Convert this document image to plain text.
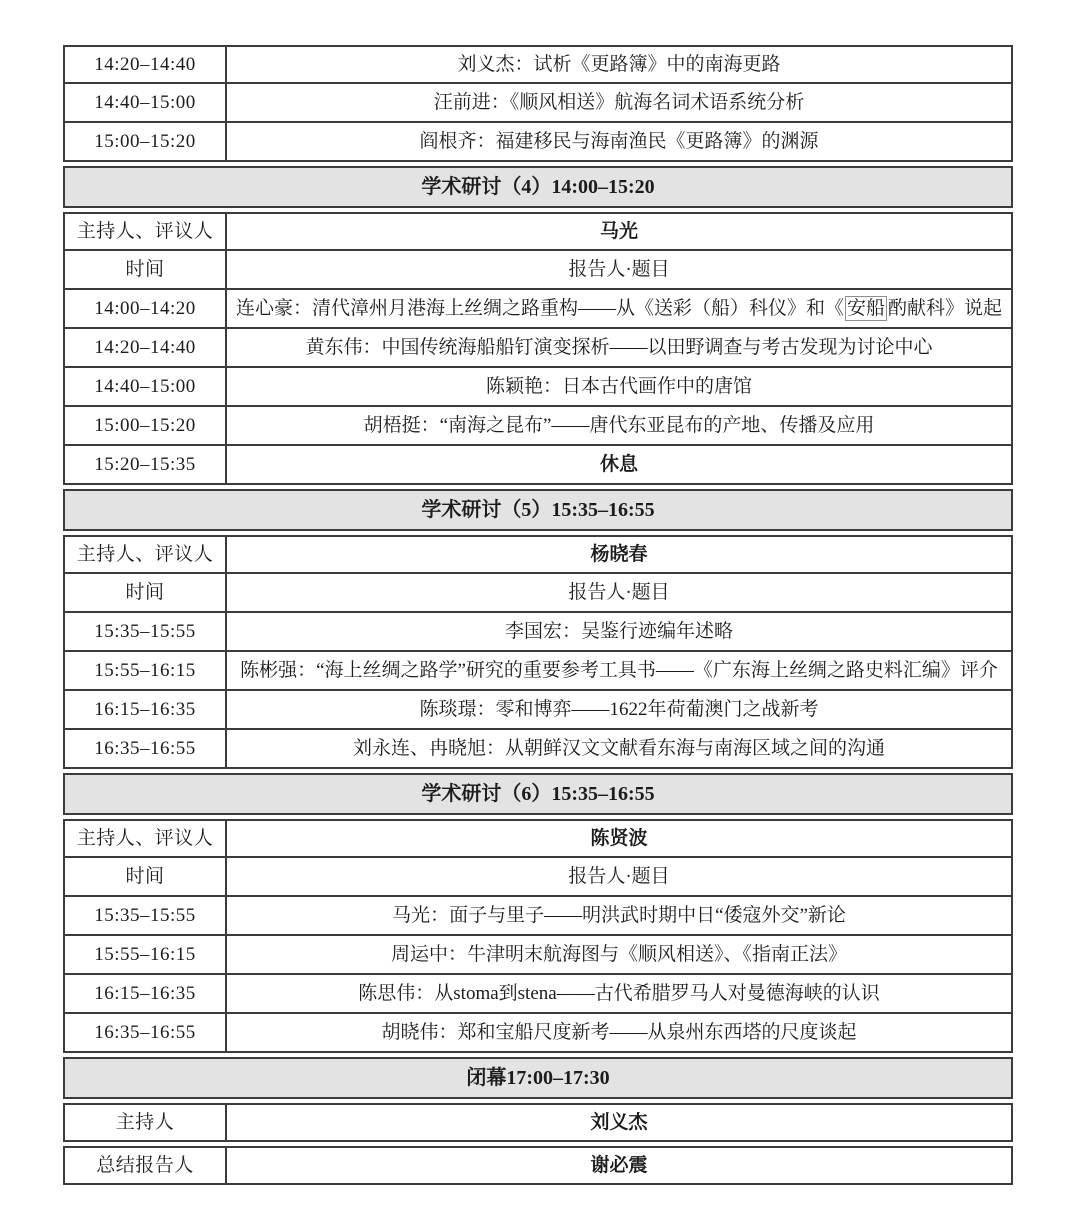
14:20–14:40	刘义杰：试析《更路簿》中的南海更路
14:40–15:00	汪前进：《顺风相送》航海名词术语系统分析
15:00–15:20	阎根齐：福建移民与海南渔民《更路簿》的渊源
学术研讨（4）14:00–15:20
主持人、评议人	马光
时间	报告人·题目
14:00–14:20	连心豪：清代漳州月港海上丝绸之路重构——从《送彩（船）科仪》和《 安船 酌献科》说起
14:20–14:40	黄东伟：中国传统海船船钉演变探析——以田野调查与考古发现为讨论中心
14:40–15:00	陈颖艳：日本古代画作中的唐馆
15:00–15:20	胡梧挺：“南海之昆布”——唐代东亚昆布的产地、传播及应用
15:20–15:35	休息
学术研讨（5）15:35–16:55
主持人、评议人	杨晓春
时间	报告人·题目
15:35–15:55	李国宏：吴鉴行迹编年述略
15:55–16:15	陈彬强：“海上丝绸之路学”研究的重要参考工具书——《广东海上丝绸之路史料汇编》评介
16:15–16:35	陈琰璟：零和博弈——1622年荷葡澳门之战新考
16:35–16:55	刘永连、冉晓旭：从朝鲜汉文文献看东海与南海区域之间的沟通
学术研讨（6）15:35–16:55
主持人、评议人	陈贤波
时间	报告人·题目
15:35–15:55	马光：面子与里子——明洪武时期中日“倭寇外交”新论
15:55–16:15	周运中：牛津明末航海图与《顺风相送》、《指南正法》
16:15–16:35	陈思伟：从stoma到stena——古代希腊罗马人对曼德海峡的认识
16:35–16:55	胡晓伟：郑和宝船尺度新考——从泉州东西塔的尺度谈起
闭幕17:00–17:30
主持人	刘义杰
总结报告人	谢必震
